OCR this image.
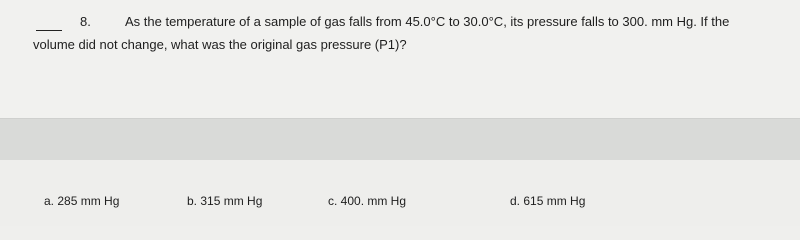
8.	As the temperature of a sample of gas falls from 45.0°C to 30.0°C, its pressure falls to 300. mm Hg. If the
volume did not change, what was the original gas pressure (P1)?
a. 285 mm Hg	b. 315 mm Hg	c. 400. mm Hg	d. 615 mm Hg
